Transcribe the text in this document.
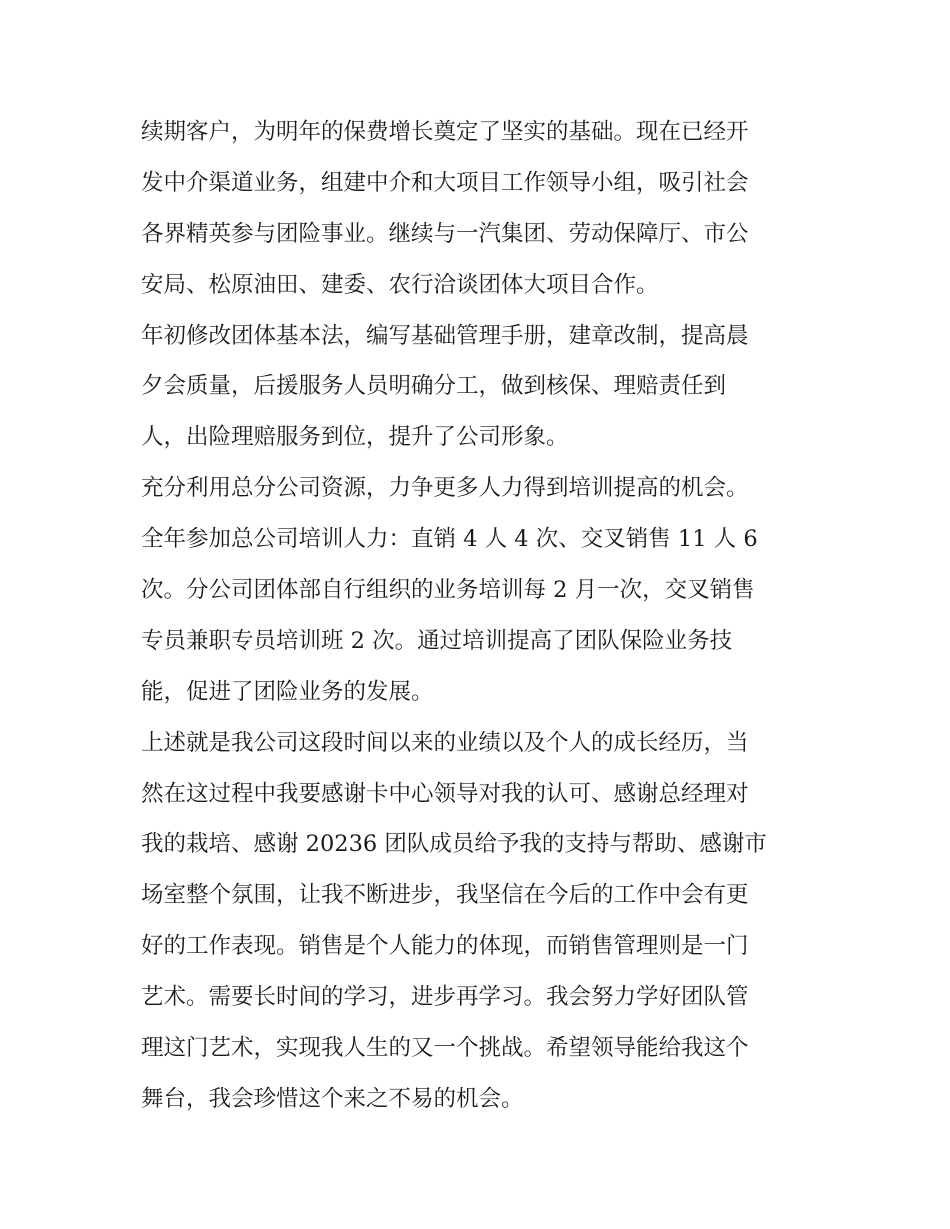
续期客户，为明年的保费增长奠定了坚实的基础。现在已经开
发中介渠道业务，组建中介和大项目工作领导小组，吸引社会
各界精英参与团险事业。继续与一汽集团、劳动保障厅、市公
安局、松原油田、建委、农行洽谈团体大项目合作。
年初修改团体基本法，编写基础管理手册，建章改制，提高晨
夕会质量，后援服务人员明确分工，做到核保、理赔责任到
人，出险理赔服务到位，提升了公司形象。
充分利用总分公司资源，力争更多人力得到培训提高的机会。
全年参加总公司培训人力：直销 4 人 4 次、交叉销售 11 人 6
次。分公司团体部自行组织的业务培训每 2 月一次，交叉销售
专员兼职专员培训班 2 次。通过培训提高了团队保险业务技
能，促进了团险业务的发展。
上述就是我公司这段时间以来的业绩以及个人的成长经历，当
然在这过程中我要感谢卡中心领导对我的认可、感谢总经理对
我的栽培、感谢 20236 团队成员给予我的支持与帮助、感谢市
场室整个氛围，让我不断进步，我坚信在今后的工作中会有更
好的工作表现。销售是个人能力的体现，而销售管理则是一门
艺术。需要长时间的学习，进步再学习。我会努力学好团队管
理这门艺术，实现我人生的又一个挑战。希望领导能给我这个
舞台，我会珍惜这个来之不易的机会。
